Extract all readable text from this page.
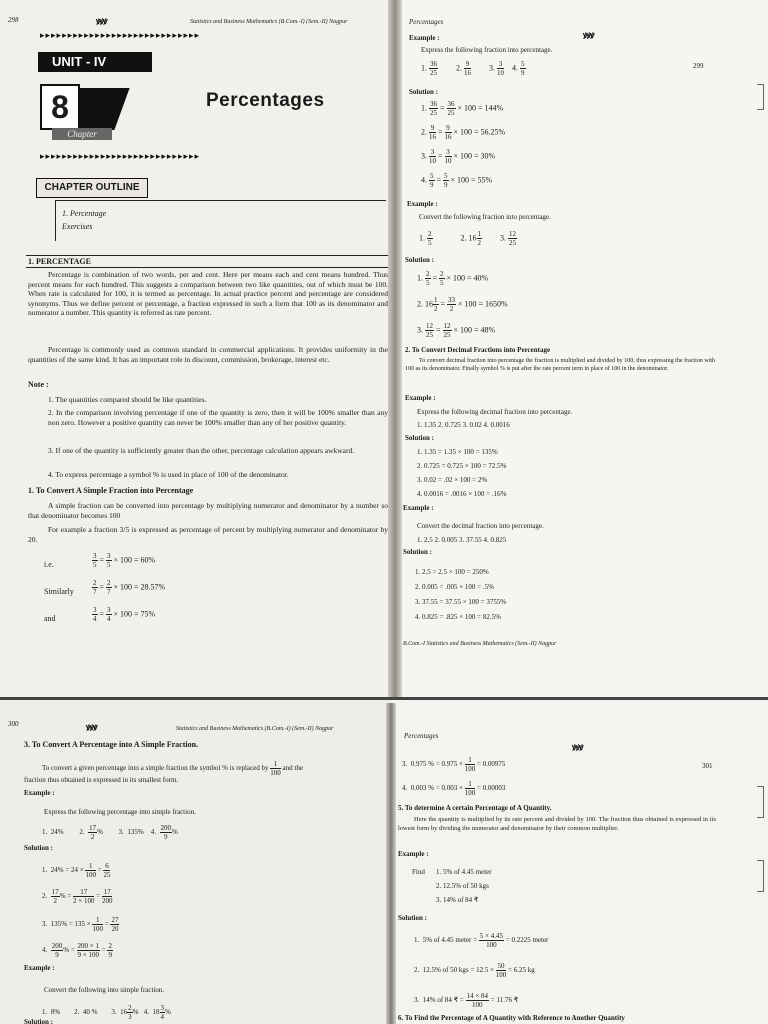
298	ꝟꝟꝟ	Statistics and Business Mathematics (B.Com.-I) (Sem.-II) Nagpur
▸▸▸▸▸▸▸▸▸▸▸▸▸▸▸▸▸▸▸▸▸▸▸▸▸▸▸▸▸
UNIT - IV
8
Chapter
Percentages
▸▸▸▸▸▸▸▸▸▸▸▸▸▸▸▸▸▸▸▸▸▸▸▸▸▸▸▸▸
CHAPTER OUTLINE
1. Percentage
Exercises
1. PERCENTAGE
Percentage is combination of two words, per and cent. Here per means each and cent means hundred. Thus percent means for each hundred. This suggests a comparison between two like quantities, out of which must be 100. When rate is calculated for 100, it is termed as percentage. In actual practice percent and percentage are considered synonyms. Thus we define percent or percentage, a fraction expressed in such a form that 100 as its denominator and numerator a number. This quantity is referred as rate percent.
Percentage is commonly used as common standard in commercial applications. It provides uniformity in the quantities of the same kind. It has an important role in discount, commission, brokerage, interest etc.
Note :
1. The quantities compared should be like quantities.
2. In the comparison involving percentage if one of the quantity is zero, then it will be 100% smaller than any non zero. However a positive quantity can never be 100% smaller than any of her positive quantity.
3. If one of the quantity is sufficiently greater than the other, percentage calculation appears awkward.
4. To express percentage a symbol % is used in place of 100 of the denominator.
1. To Convert A Simple Fraction into Percentage
A simple fraction can be converted into percentage by multiplying numerator and denominator by a number so that denominator becomes 100
For example a fraction 3/5 is expressed as percentage of percent by multiplying numerator and denominator by 20.
i.e.	$\frac{3}{5} = \frac{3}{5} \times 100 = 60\%$
Similarly	$\frac{2}{7} = \frac{2}{7} \times 100 = 28.57\%$
and	$\frac{3}{4} = \frac{3}{4} \times 100 = 75\%$
Percentages
ꝟꝟꝟ
299
Example :
Express the following fraction into percentage.
1. $\frac{36}{25} 2$. $\frac{9}{16} 3$. $\frac{3}{10} 4$. $\frac{5}{9}$
Solution :
1. $\frac{36}{25} = \frac{36}{25} \times 100 = 144\%$
2. $\frac{9}{16} = \frac{9}{16} \times 100 = 56.25\%$
3. $\frac{3}{10} = \frac{3}{10} \times 100 = 30\%$
4. $\frac{5}{9} = \frac{5}{9} \times 100 = 55\%$
Example :
Convert the following fraction into percentage.
1. $\frac{2}{5} 2$. $16 \frac{1}{2} 3$. $\frac{12}{25}$
Solution :
1. $\frac{2}{5} = \frac{2}{5} \times 100 = 40\%$
2. $16 \frac{1}{2} = \frac{33}{2} \times 100 = 1650\%$
3. $\frac{12}{25} = \frac{12}{25} \times 100 = 48\%$
2. To Convert Decimal Fractions into Percentage
To convert decimal fraction into percentage the fraction is multiplied and divided by 100, thus expressing the fraction with 100 as its denominator. Finally symbol % is put after the rate percent term in place of 100 in the denominator.
Example :
Express the following decimal fraction into percentage.
1. 1.35 2. 0.725 3. 0.02 4. 0.0016
Solution :
1. 1.35 = 1.35 × 100 = 135%
2. 0.725 = 0.725 × 100 = 72.5%
3. 0.02 = .02 × 100 = 2%
4. 0.0016 = .0016 × 100 = .16%
Example :
Convert the decimal fraction into percentage.
1. 2.5 2. 0.005 3. 37.55 4. 0.825
Solution :
1. 2.5 = 2.5 × 100 = 250%
2. 0.005 = .005 × 100 = .5%
3. 37.55 = 37.55 × 100 = 3755%
4. 0.825 = .825 × 100 = 82.5%
B.Com.-I Statistics and Business Mathematics (Sem.-II) Nagpur
300	ꝟꝟꝟ	Statistics and Business Mathematics (B.Com.-I) (Sem.-II) Nagpur
3. To Convert A Percentage into A Simple Fraction.
To convert a given percentage into a simple fraction the symbol % is replaced by $\frac{1}{100}$ and the
fraction thus obtained is expressed in its smallest form.
Example :
Express the following percentage into simple fraction.
1.  24%         2. $\frac{17}{2}$ %         3.  135%    4. $\frac{200}{9}$ %
Solution :
1.  $24\% = 24 \times \frac{1}{100} = \frac{6}{25}$
2. $\frac{17}{2}$ % = $\frac{17}{2 \times 100} = \frac{17}{200}$
3.  $135\% = 135 \times \frac{1}{100} = \frac{27}{20}$
4. $\frac{200}{9}$ % = $\frac{200 \times 1}{9 \times 100} = \frac{2}{9}$
Example :
Convert the following into simple fraction.
1.  8%        2.  40 %        3.  $16 \frac{2}{3}$ %   4.  $18 \frac{3}{4}$ %
Solution :
Percentages
ꝟꝟꝟ
301
3.  0.975 % = $0.975 \times \frac{1}{100} = 0.00975$
4.  0.003 % = $0.003 \times \frac{1}{100} = 0.00003$
5. To determine A certain Percentage of A Quantity.
Here the quantity is multiplied by its rate percent and divided by 100. The fraction thus obtained is expressed in its lowest form by dividing the numerator and denominator by their common multiplier.
Example :
Find 1. 5% of 4.45 meter
2. 12.5% of 50 kgs
3. 14% of 84 ₹
Solution :
1.  5% of 4.45 meter = $\frac{5 \times 4.45}{100} = 0.2225$ meter
2.  12.5% of 50 kgs = $12.5 \times \frac{50}{100} = 6.25$ kg
3.  14% of 84 ₹ = $\frac{14 \times 84}{100} = 11.76$ ₹
6. To Find the Percentage of A Quantity with Reference to Another Quantity
